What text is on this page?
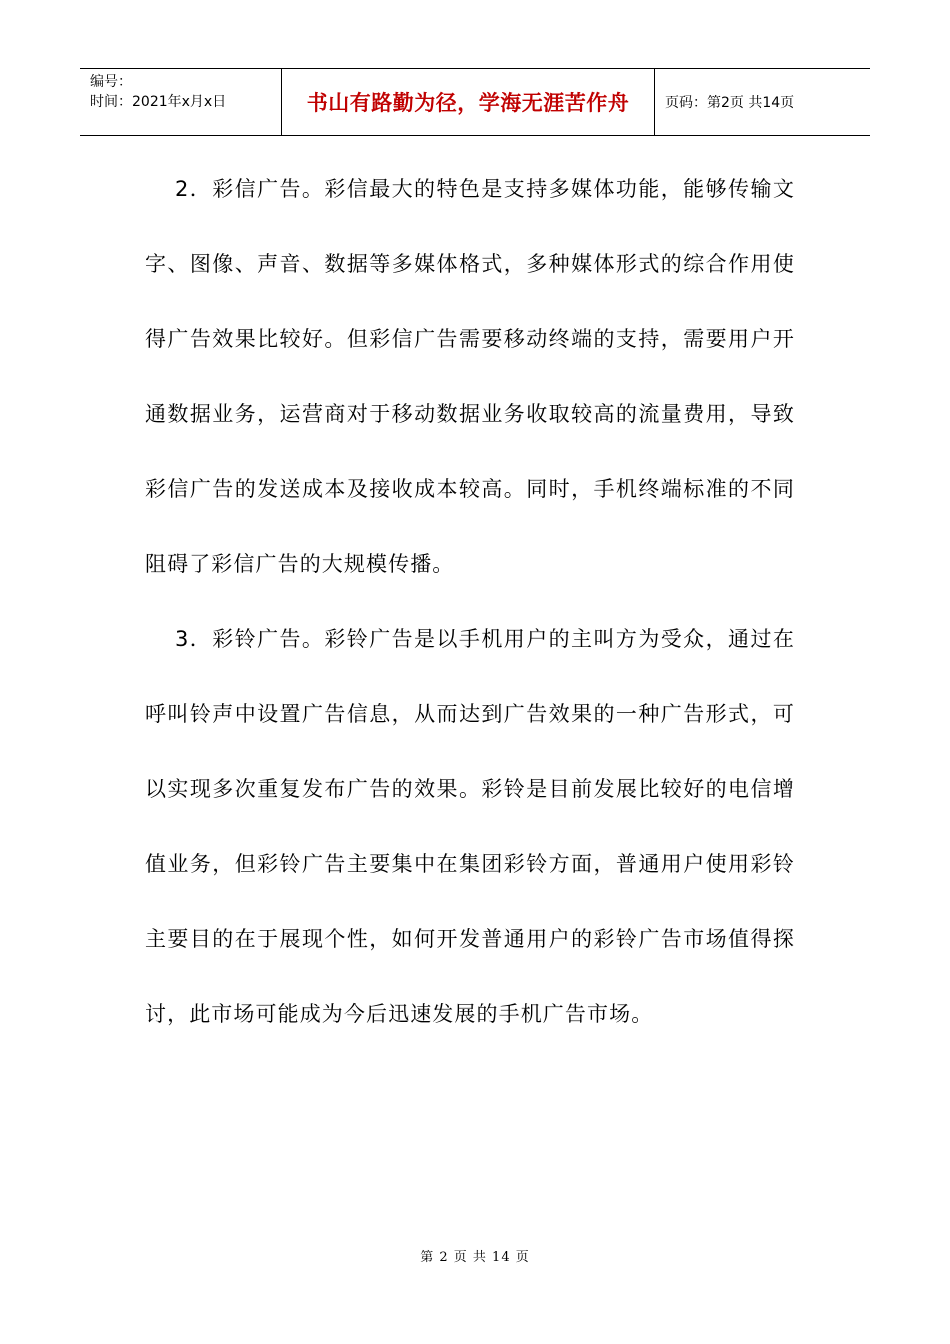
编号：
时间：2021年x月x日	书山有路勤为径，学海无涯苦作舟	页码：第2页 共14页

2．彩信广告。彩信最大的特色是支持多媒体功能，能够传输文字、图像、声音、数据等多媒体格式，多种媒体形式的综合作用使得广告效果比较好。但彩信广告需要移动终端的支持，需要用户开通数据业务，运营商对于移动数据业务收取较高的流量费用，导致彩信广告的发送成本及接收成本较高。同时，手机终端标准的不同阻碍了彩信广告的大规模传播。

3．彩铃广告。彩铃广告是以手机用户的主叫方为受众，通过在呼叫铃声中设置广告信息，从而达到广告效果的一种广告形式，可以实现多次重复发布广告的效果。彩铃是目前发展比较好的电信增值业务，但彩铃广告主要集中在集团彩铃方面，普通用户使用彩铃主要目的在于展现个性，如何开发普通用户的彩铃广告市场值得探讨，此市场可能成为今后迅速发展的手机广告市场。

第 2 页 共 14 页
